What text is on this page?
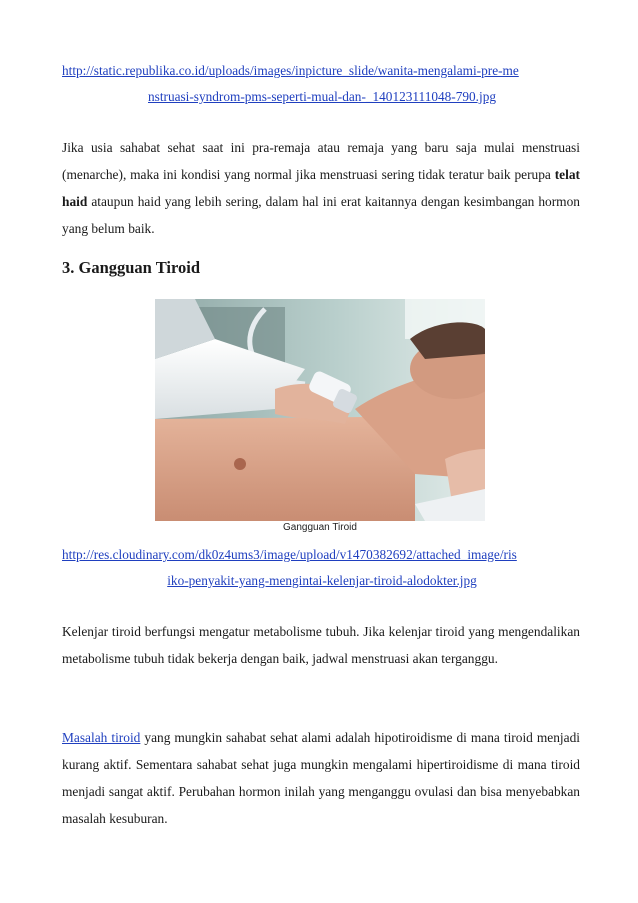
http://static.republika.co.id/uploads/images/inpicture_slide/wanita-mengalami-pre-me
nstruasi-syndrom-pms-seperti-mual-dan-_140123111048-790.jpg

Jika usia sahabat sehat saat ini pra-remaja atau remaja yang baru saja mulai menstruasi (menarche), maka ini kondisi yang normal jika menstruasi sering tidak teratur baik perupa telat haid ataupun haid yang lebih sering, dalam hal ini erat kaitannya dengan kesimbangan hormon yang belum baik.

3. Gangguan Tiroid
Gangguan Tiroid
http://res.cloudinary.com/dk0z4ums3/image/upload/v1470382692/attached_image/ris
iko-penyakit-yang-mengintai-kelenjar-tiroid-alodokter.jpg

Kelenjar tiroid berfungsi mengatur metabolisme tubuh. Jika kelenjar tiroid yang mengendalikan metabolisme tubuh tidak bekerja dengan baik, jadwal menstruasi akan terganggu.

Masalah tiroid yang mungkin sahabat sehat alami adalah hipotiroidisme di mana tiroid menjadi kurang aktif. Sementara sahabat sehat juga mungkin mengalami hipertiroidisme di mana tiroid menjadi sangat aktif. Perubahan hormon inilah yang menganggu ovulasi dan bisa menyebabkan masalah kesuburan.
